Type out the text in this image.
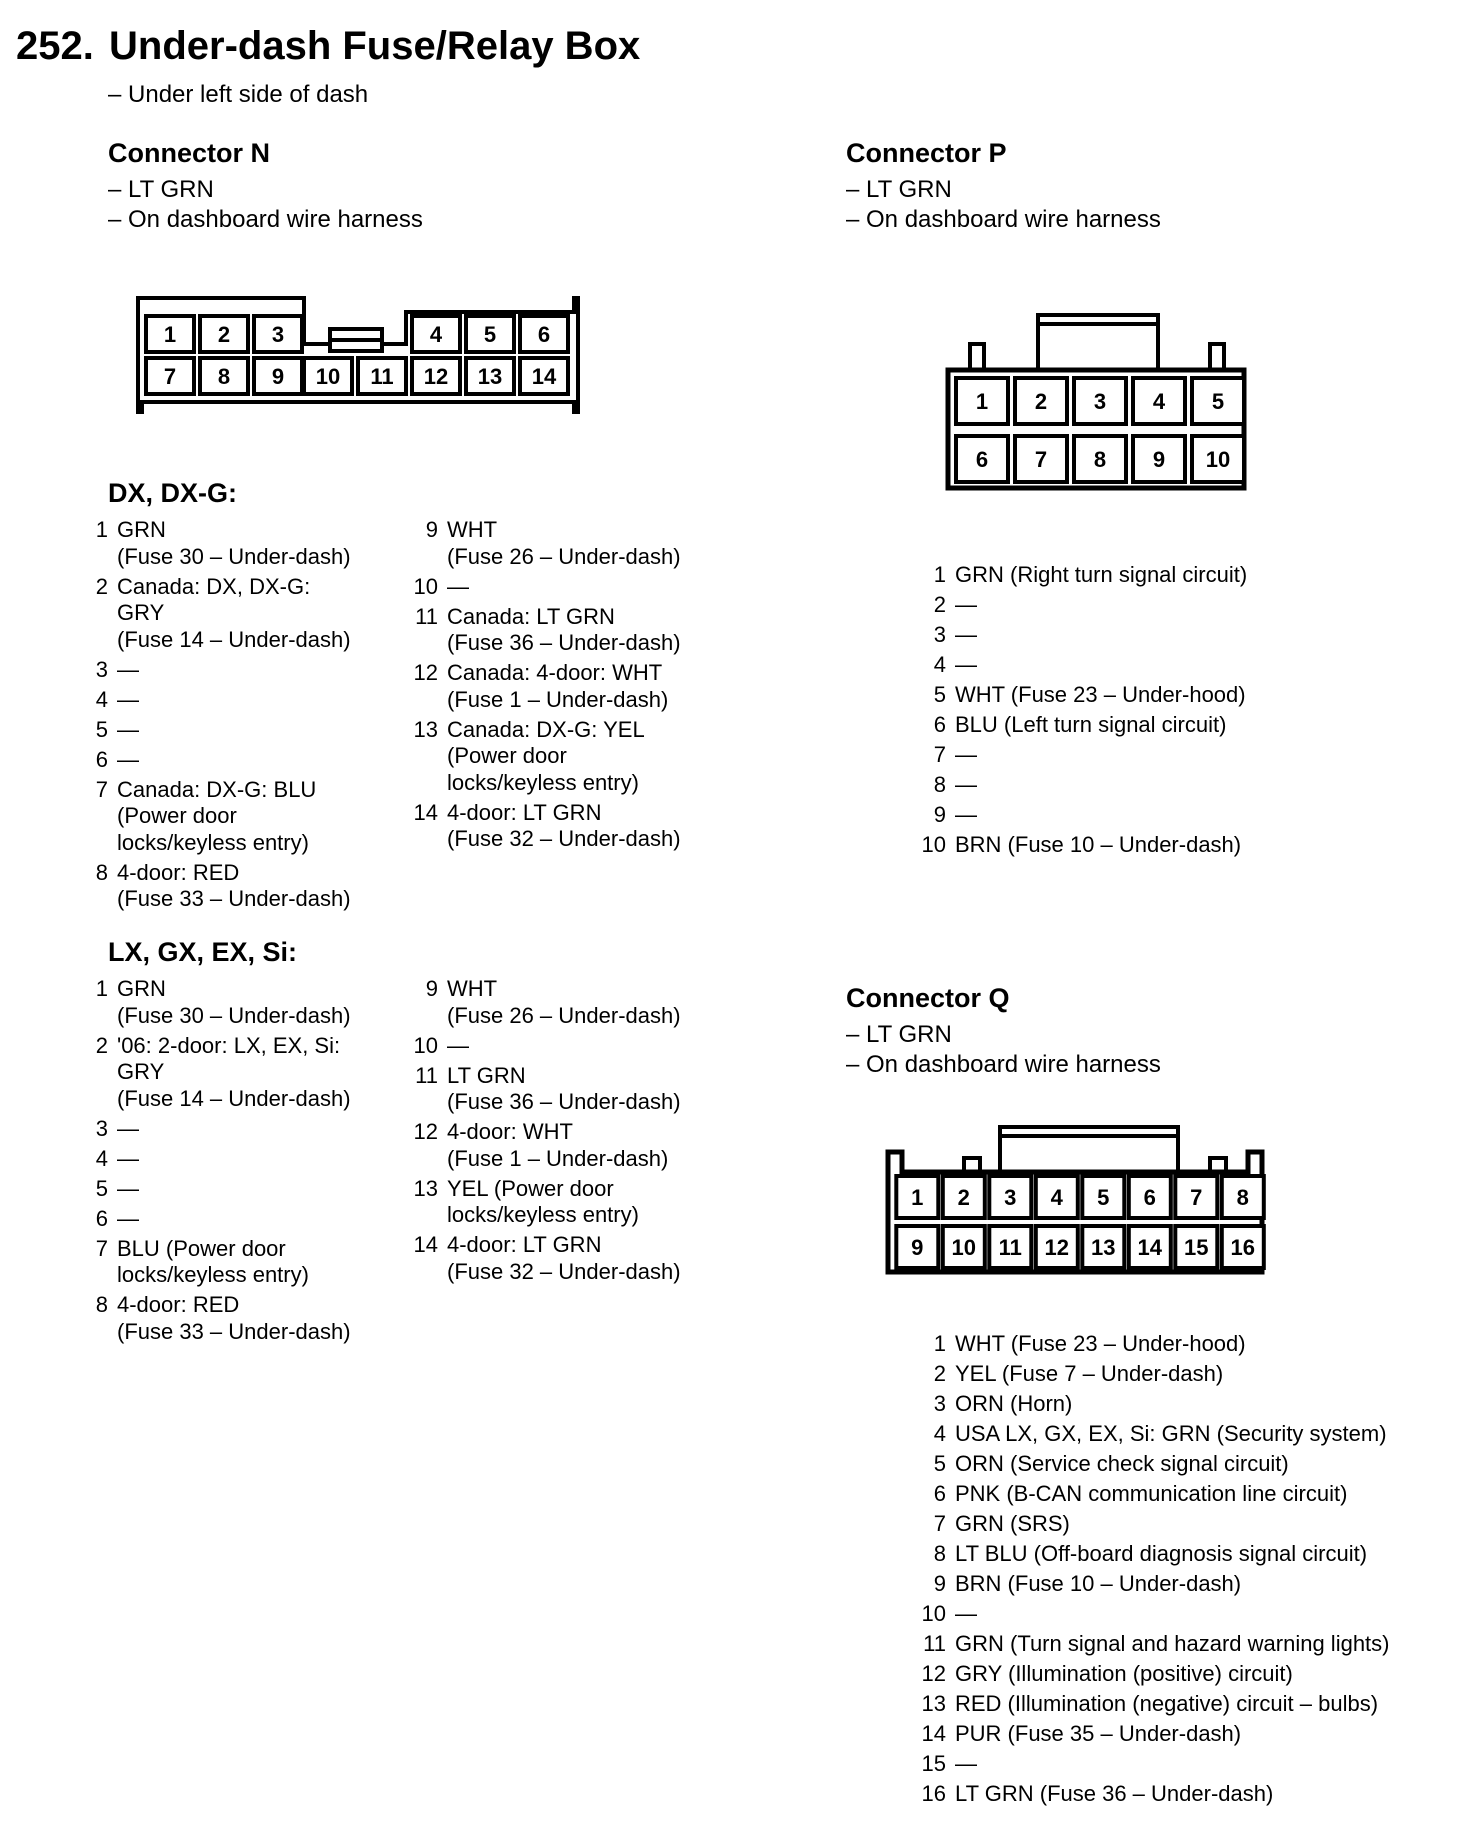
252. Under-dash Fuse/Relay Box
– Under left side of dash
Connector N
– LT GRN
– On dashboard wire harness
1 2 3	4 5 6
7 8 9 10 11 12 13 14
DX, DX-G:
1 GRN
(Fuse 30 – Under-dash)
2 Canada: DX, DX-G:
GRY
(Fuse 14 – Under-dash)
3 —
4 —
5 —
6 —
7 Canada: DX-G: BLU
(Power door
locks/keyless entry)
8 4-door: RED
(Fuse 33 – Under-dash)
9 WHT
(Fuse 26 – Under-dash)
10 —
11 Canada: LT GRN
(Fuse 36 – Under-dash)
12 Canada: 4-door: WHT
(Fuse 1 – Under-dash)
13 Canada: DX-G: YEL
(Power door
locks/keyless entry)
14 4-door: LT GRN
(Fuse 32 – Under-dash)
LX, GX, EX, Si:
1 GRN
(Fuse 30 – Under-dash)
2 '06: 2-door: LX, EX, Si:
GRY
(Fuse 14 – Under-dash)
3 —
4 —
5 —
6 —
7 BLU (Power door
locks/keyless entry)
8 4-door: RED
(Fuse 33 – Under-dash)
9 WHT
(Fuse 26 – Under-dash)
10 —
11 LT GRN
(Fuse 36 – Under-dash)
12 4-door: WHT
(Fuse 1 – Under-dash)
13 YEL (Power door
locks/keyless entry)
14 4-door: LT GRN
(Fuse 32 – Under-dash)
Connector P
– LT GRN
– On dashboard wire harness
1 2 3 4 5
6 7 8 9 10
1 GRN (Right turn signal circuit)
2 —
3 —
4 —
5 WHT (Fuse 23 – Under-hood)
6 BLU (Left turn signal circuit)
7 —
8 —
9 —
10 BRN (Fuse 10 – Under-dash)
Connector Q
– LT GRN
– On dashboard wire harness
1 2 3 4 5 6 7 8
9 10 11 12 13 14 15 16
1 WHT (Fuse 23 – Under-hood)
2 YEL (Fuse 7 – Under-dash)
3 ORN (Horn)
4 USA LX, GX, EX, Si: GRN (Security system)
5 ORN (Service check signal circuit)
6 PNK (B-CAN communication line circuit)
7 GRN (SRS)
8 LT BLU (Off-board diagnosis signal circuit)
9 BRN (Fuse 10 – Under-dash)
10 —
11 GRN (Turn signal and hazard warning lights)
12 GRY (Illumination (positive) circuit)
13 RED (Illumination (negative) circuit – bulbs)
14 PUR (Fuse 35 – Under-dash)
15 —
16 LT GRN (Fuse 36 – Under-dash)
